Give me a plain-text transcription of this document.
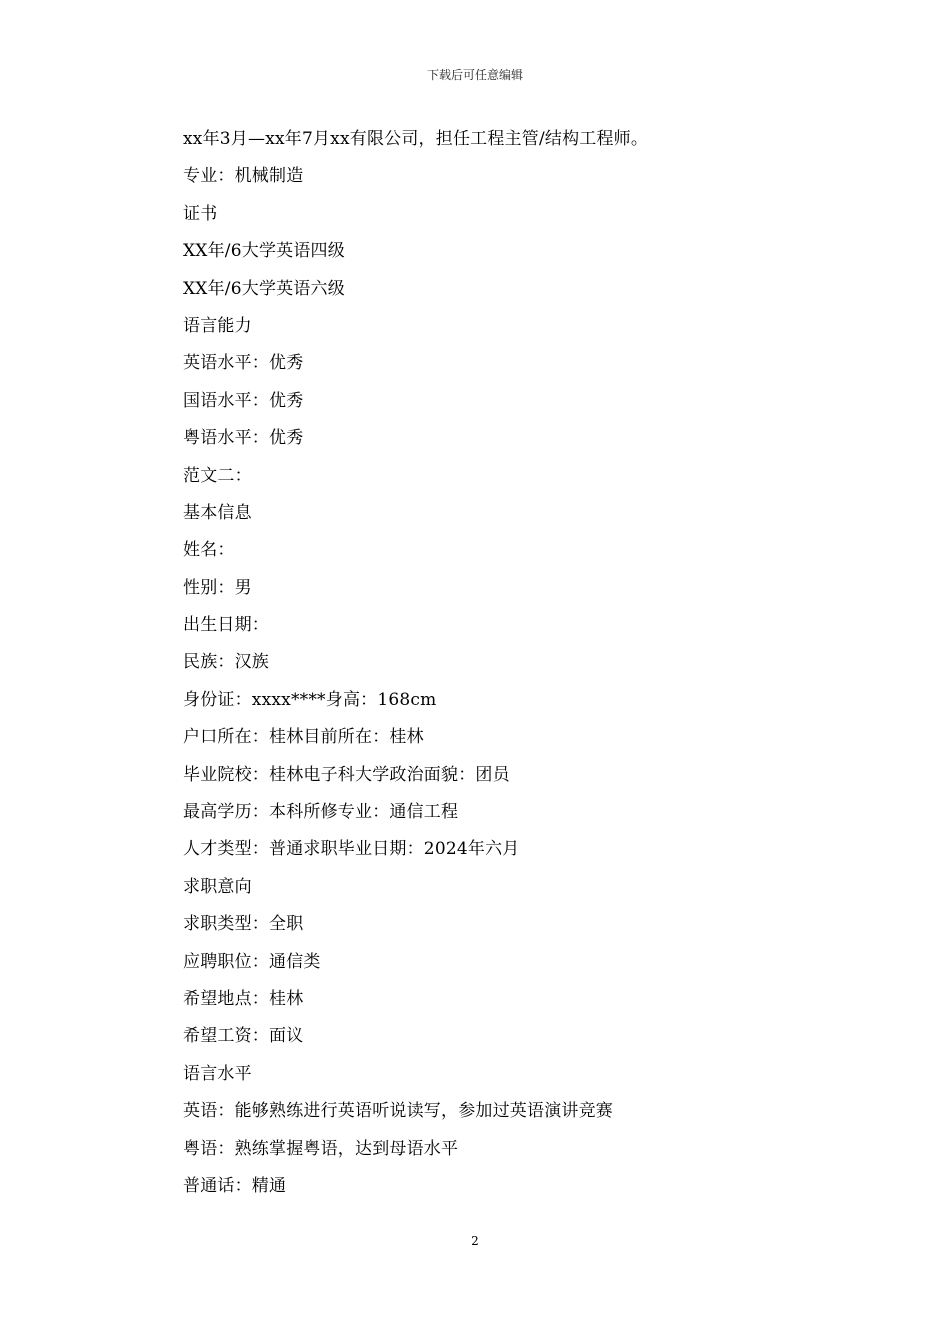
下载后可任意编辑
xx年3月—xx年7月xx有限公司，担任工程主管/结构工程师。
专业：机械制造
证书
XX年/6大学英语四级
XX年/6大学英语六级
语言能力
英语水平：优秀
国语水平：优秀
粤语水平：优秀
范文二：
基本信息
姓名：
性别：男
出生日期：
民族：汉族
身份证：xxxx****身高：168cm
户口所在：桂林目前所在：桂林
毕业院校：桂林电子科大学政治面貌：团员
最高学历：本科所修专业：通信工程
人才类型：普通求职毕业日期：2024年六月
求职意向
求职类型：全职
应聘职位：通信类
希望地点：桂林
希望工资：面议
语言水平
英语：能够熟练进行英语听说读写，参加过英语演讲竞赛
粤语：熟练掌握粤语，达到母语水平
普通话：精通
2
